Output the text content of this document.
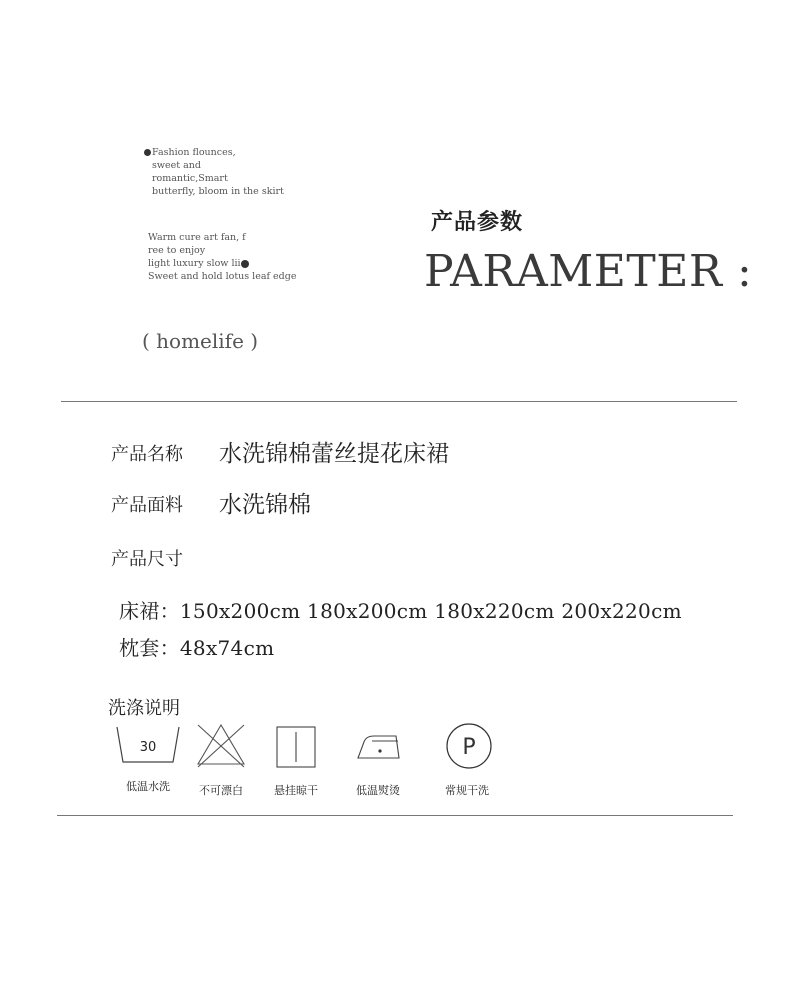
Fashion flounces,
sweet and
romantic,Smart
butterfly, bloom in the skirt
Warm cure art fan, f
ree to enjoy
light luxury slow lii
Sweet and hold lotus leaf edge
产品参数
PARAMETER :
( homelife )
产品名称 水洗锦棉蕾丝提花床裙
产品面料 水洗锦棉
产品尺寸
床裙：150x200cm 180x200cm 180x220cm 200x220cm
枕套：48x74cm
洗涤说明
30
低温水洗	不可漂白	悬挂晾干	低温熨烫
P
常规干洗
